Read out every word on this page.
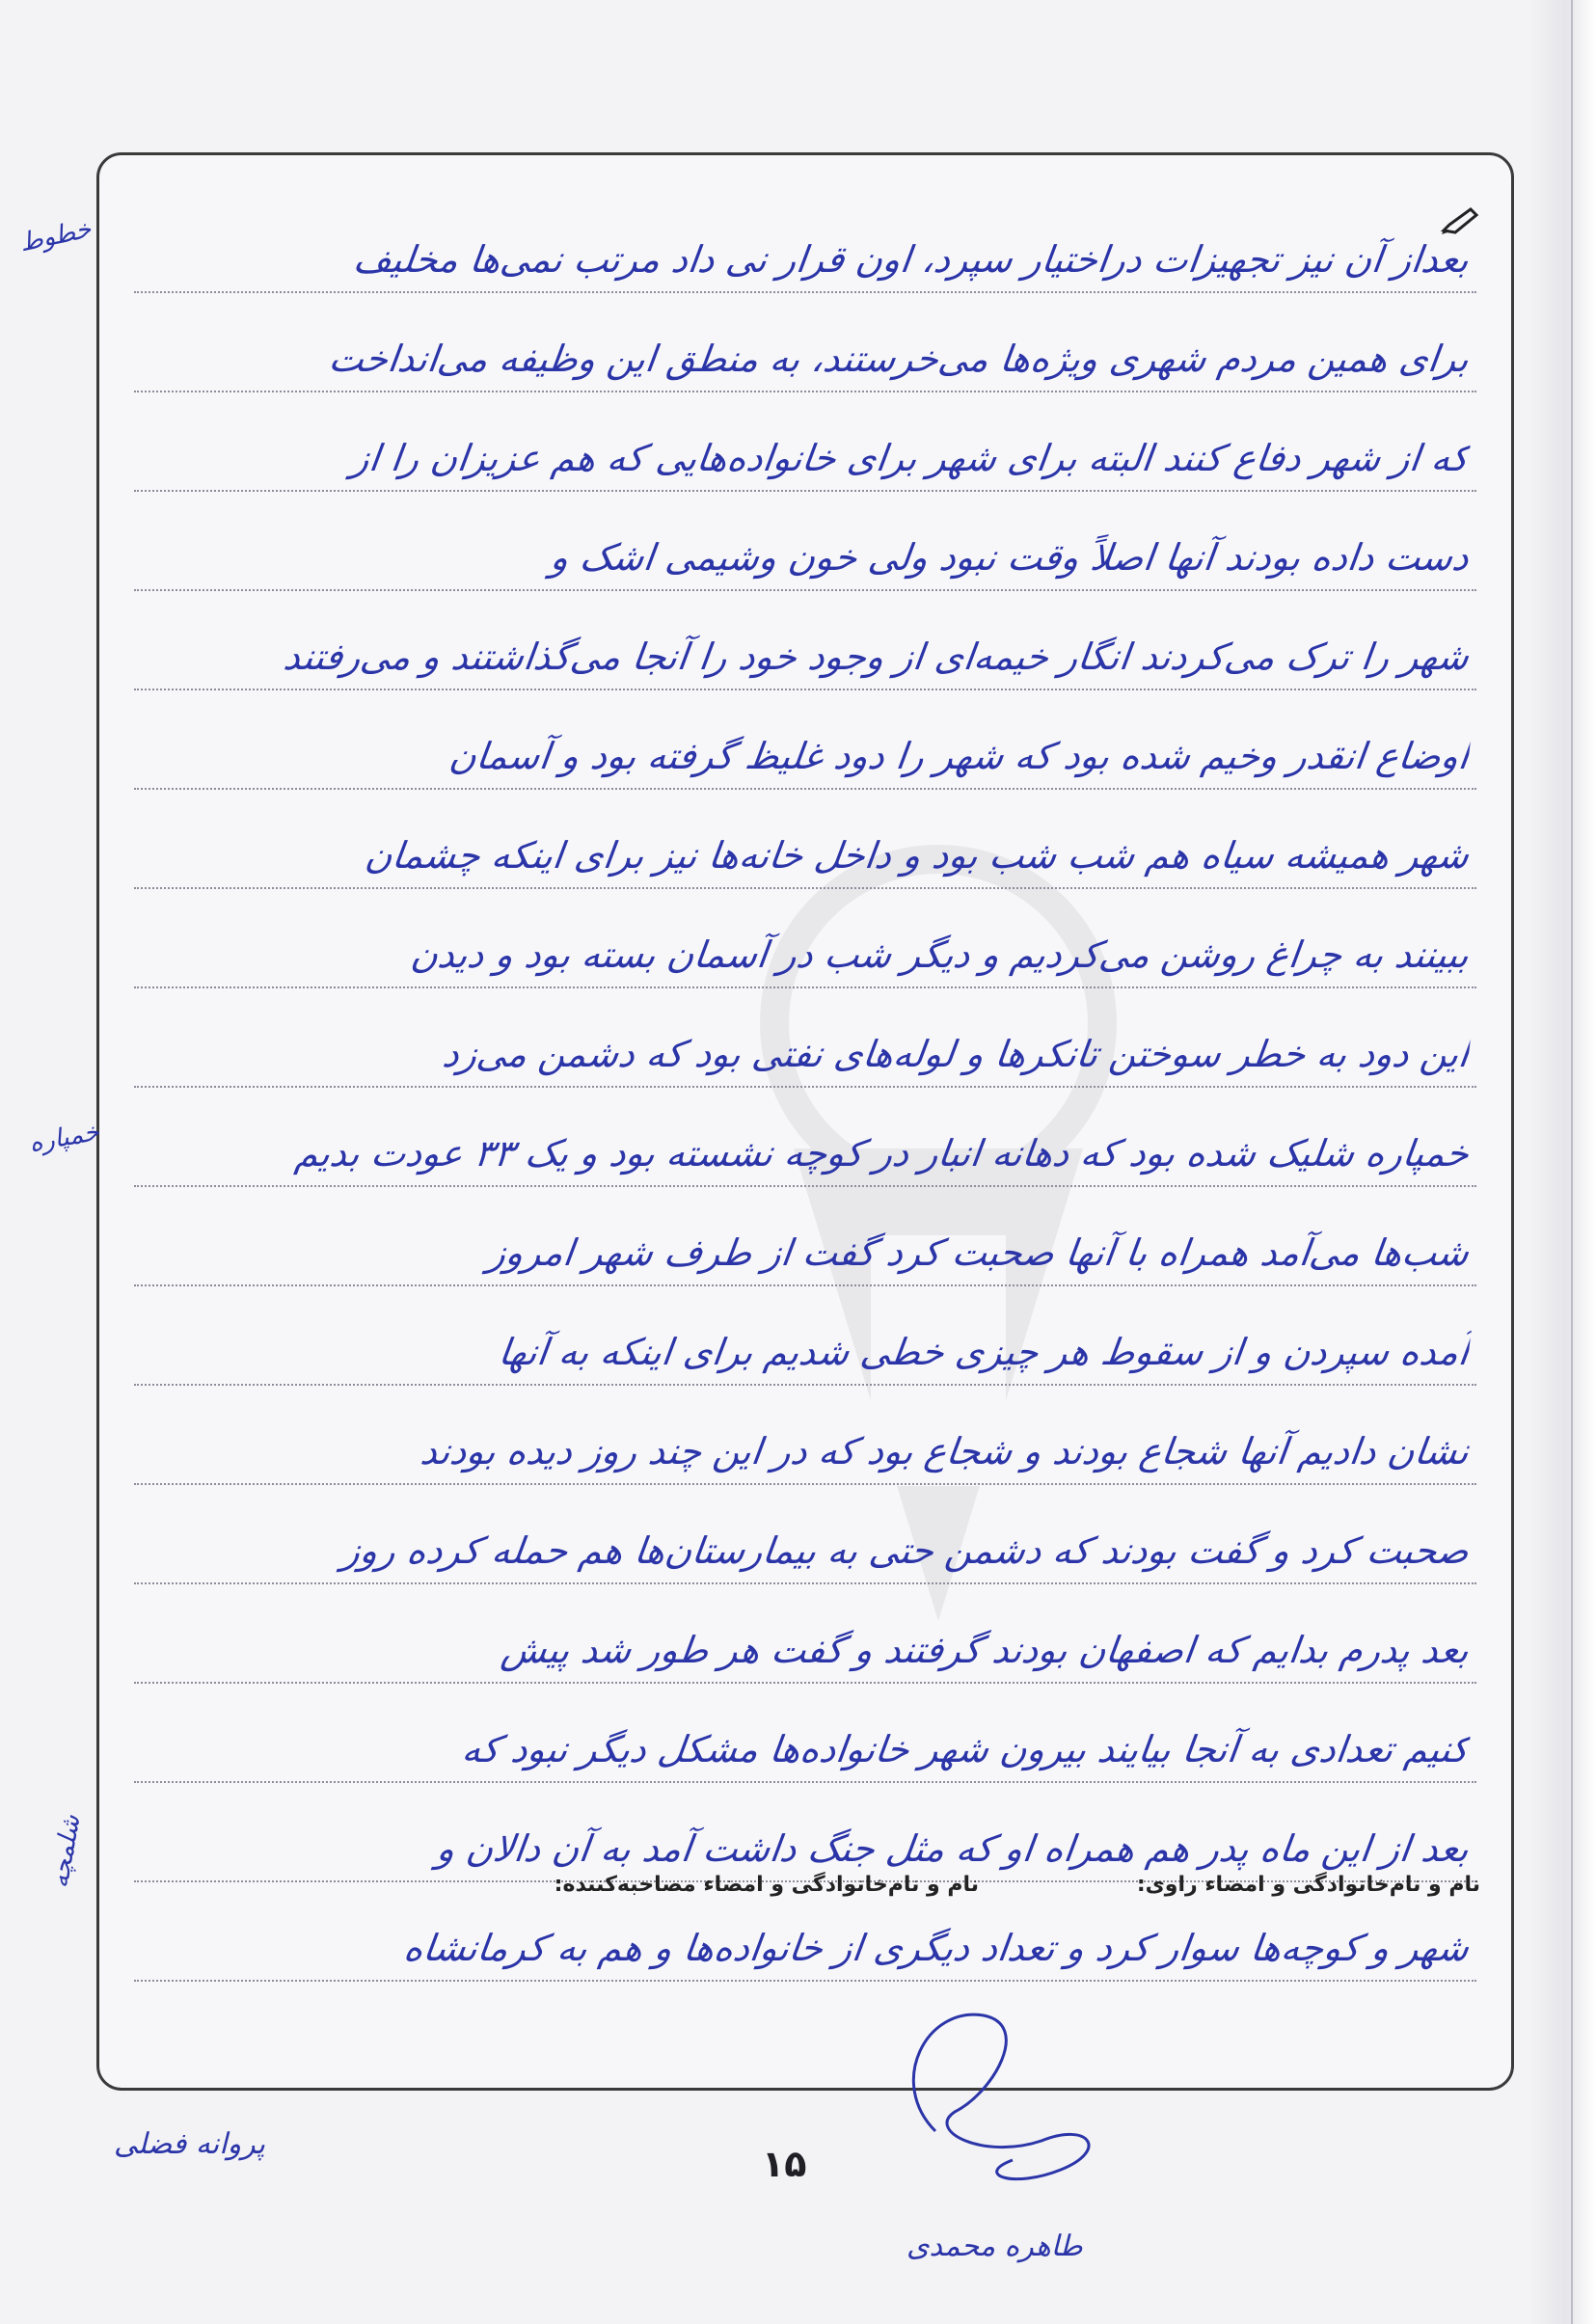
بعداز آن نیز تجهیزات دراختیار سپرد، اون قرار نی داد مرتب نمی‌ها مخلیف
برای همین مردم شهری ویژه‌ها می‌خرستند، به منطق این وظیفه می‌انداخت
که از شهر دفاع کنند البته برای شهر برای خانواده‌هایی که هم عزیزان را از
دست داده بودند آنها اصلاً وقت نبود ولی خون وشیمی اشک و
شهر را ترک می‌کردند انگار خیمه‌ای از وجود خود را آنجا می‌گذاشتند و می‌رفتند
اوضاع انقدر وخیم شده بود که شهر را دود غلیظ گرفته بود و آسمان
شهر همیشه سیاه هم شب شب بود و داخل خانه‌ها نیز برای اینکه چشمان
ببینند به چراغ روشن می‌کردیم و دیگر شب در آسمان بسته بود و دیدن
این دود به خطر سوختن تانکرها و لوله‌های نفتی بود که دشمن می‌زد
خمپاره شلیک شده بود که دهانه انبار در کوچه نشسته بود و یک ۳۳ عودت بدیم
شب‌ها می‌آمد همراه با آنها صحبت کرد گفت از طرف شهر امروز
آمده سپردن و از سقوط هر چیزی خطی شدیم برای اینکه به آنها
نشان دادیم آنها شجاع بودند و شجاع بود که در این چند روز دیده بودند
صحبت کرد و گفت بودند که دشمن حتی به بیمارستان‌ها هم حمله کرده روز
بعد پدرم بدایم که اصفهان بودند گرفتند و گفت هر طور شد پیش
کنیم تعدادی به آنجا بیایند بیرون شهر خانواده‌ها مشکل دیگر نبود که
بعد از این ماه پدر هم همراه او که مثل جنگ داشت آمد به آن دالان و
شهر و کوچه‌ها سوار کرد و تعداد دیگری از خانواده‌ها و هم به کرمانشاه
خطوط
خمپاره
شلمچه	نام و نام‌خانوادگی و امضاء راوی:
نام و نام‌خانوادگی و امضاء مصاحبه‌کننده:
پروانه فضلی
طاهره محمدی
۱۵
